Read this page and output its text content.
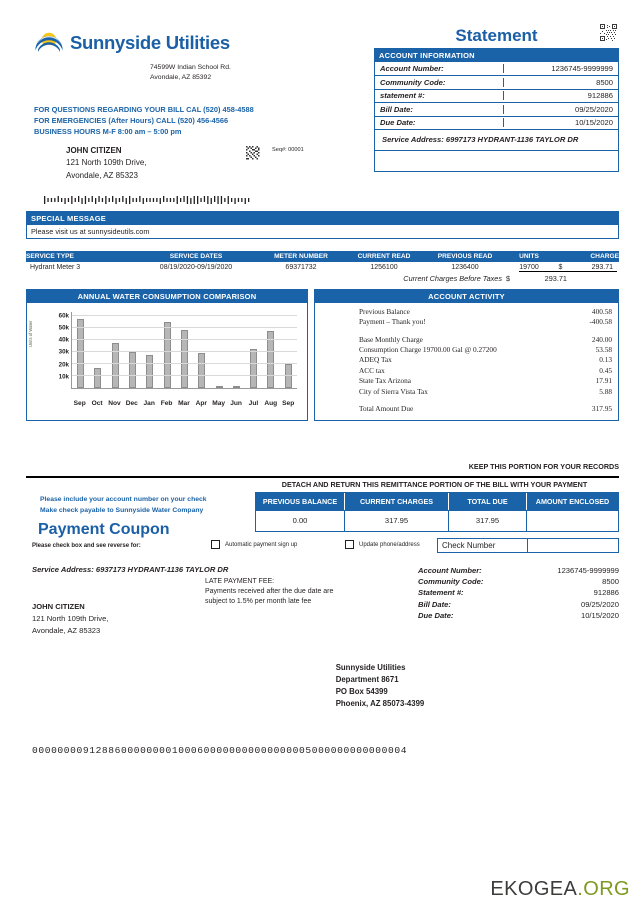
Sunnyside Utilities
74599W Indian School Rd.
Avondale, AZ 85392
FOR QUESTIONS REGARDING YOUR BILL CAL (520) 458-4588
FOR EMERGENCIES (After Hours) CALL (520) 456-4566
BUSINESS HOURS M-F 8:00 am – 5:00 pm
JOHN CITIZEN
121 North 109th Drive,
Avondale, AZ 85323
Seq#: 00001
Statement
ACCOUNT INFORMATION
Account Number:	1236745-9999999
Community Code:	8500
statement #:	912886
Bill Date:	09/25/2020
Due Date:	10/15/2020
Service Address: 6997173 HYDRANT-1136 TAYLOR DR
SPECIAL MESSAGE
Please visit us at sunnysideutils.com
SERVICE TYPE	SERVICE DATES	METER NUMBER	CURRENT READ	PREVIOUS READ	UNITS	CHARGE
Hydrant Meter 3	08/19/2020-09/19/2020	69371732	1256100	1236400	19700	$	293.71
Current Charges Before Taxes $	293.71
ANNUAL WATER CONSUMPTION COMPARISON
Units of Water
60k
50k
40k
30k
20k
10k
Sep Oct Nov Dec Jan Feb Mar Apr May Jun	Jul Aug Sep
ACCOUNT ACTIVITY
Previous Balance	400.58
Payment – Thank you!	-400.58
Base Monthly Charge	240.00
Consumption Charge 19700.00 Gal @ 0.27200	53.58
ADEQ Tax	0.13
ACC tax	0.45
State Tax Arizona	17.91
City of Sierra Vista Tax	5.88
Total Amount Due	317.95
KEEP THIS PORTION FOR YOUR RECORDS
DETACH AND RETURN THIS REMITTANCE PORTION OF THE BILL WITH YOUR PAYMENT
Please include your account number on your check
Make check payable to Sunnyside Water Company
Payment Coupon
Please check box and see reverse for:	Automatic payment sign up	Update phone/address
PREVIOUS BALANCE	CURRENT CHARGES	TOTAL DUE	AMOUNT ENCLOSED
0.00	317.95	317.95
Check Number
Service Address: 6937173 HYDRANT-1136 TAYLOR DR
LATE PAYMENT FEE:
Payments received after the due date are subject to 1.5% per month late fee
JOHN CITIZEN
121 North 109th Drive,
Avondale, AZ 85323
Account Number:	1236745-9999999
Community Code:	8500
Statement #:	912886
Bill Date:	09/25/2020
Due Date:	10/15/2020
Sunnyside Utilities
Department 8671
PO Box 54399
Phoenix, AZ 85073-4399
00000000912886000000001000600000000000000005000000000000004
EKOGEA.ORG
